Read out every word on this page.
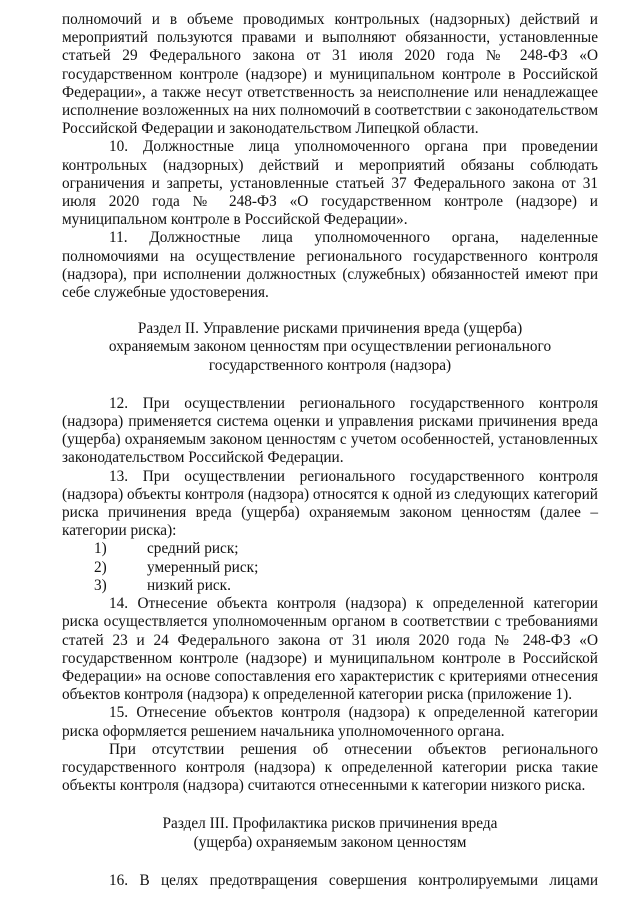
полномочий и в объеме проводимых контрольных (надзорных) действий и мероприятий пользуются правами и выполняют обязанности, установленные статьей 29 Федерального закона от 31 июля 2020 года № 248-ФЗ «О государственном контроле (надзоре) и муниципальном контроле в Российской Федерации», а также несут ответственность за неисполнение или ненадлежащее исполнение возложенных на них полномочий в соответствии с законодательством Российской Федерации и законодательством Липецкой области.

10. Должностные лица уполномоченного органа при проведении контрольных (надзорных) действий и мероприятий обязаны соблюдать ограничения и запреты, установленные статьей 37 Федерального закона от 31 июля 2020 года № 248-ФЗ «О государственном контроле (надзоре) и муниципальном контроле в Российской Федерации».

11. Должностные лица уполномоченного органа, наделенные полномочиями на осуществление регионального государственного контроля (надзора), при исполнении должностных (служебных) обязанностей имеют при себе служебные удостоверения.

Раздел II. Управление рисками причинения вреда (ущерба)

охраняемым законом ценностям при осуществлении регионального

государственного контроля (надзора)

12. При осуществлении регионального государственного контроля (надзора) применяется система оценки и управления рисками причинения вреда (ущерба) охраняемым законом ценностям с учетом особенностей, установленных законодательством Российской Федерации.

13. При осуществлении регионального государственного контроля (надзора) объекты контроля (надзора) относятся к одной из следующих категорий риска причинения вреда (ущерба) охраняемым законом ценностям (далее – категории риска):

1)	средний риск;
2)	умеренный риск;
3)	низкий риск.

14. Отнесение объекта контроля (надзора) к определенной категории риска осуществляется уполномоченным органом в соответствии с требованиями статей 23 и 24 Федерального закона от 31 июля 2020 года № 248-ФЗ «О государственном контроле (надзоре) и муниципальном контроле в Российской Федерации» на основе сопоставления его характеристик с критериями отнесения объектов контроля (надзора) к определенной категории риска (приложение 1).

15. Отнесение объектов контроля (надзора) к определенной категории риска оформляется решением начальника уполномоченного органа.

При отсутствии решения об отнесении объектов регионального государственного контроля (надзора) к определенной категории риска такие объекты контроля (надзора) считаются отнесенными к категории низкого риска.

Раздел III. Профилактика рисков причинения вреда

(ущерба) охраняемым законом ценностям

16. В целях предотвращения совершения контролируемыми лицами
